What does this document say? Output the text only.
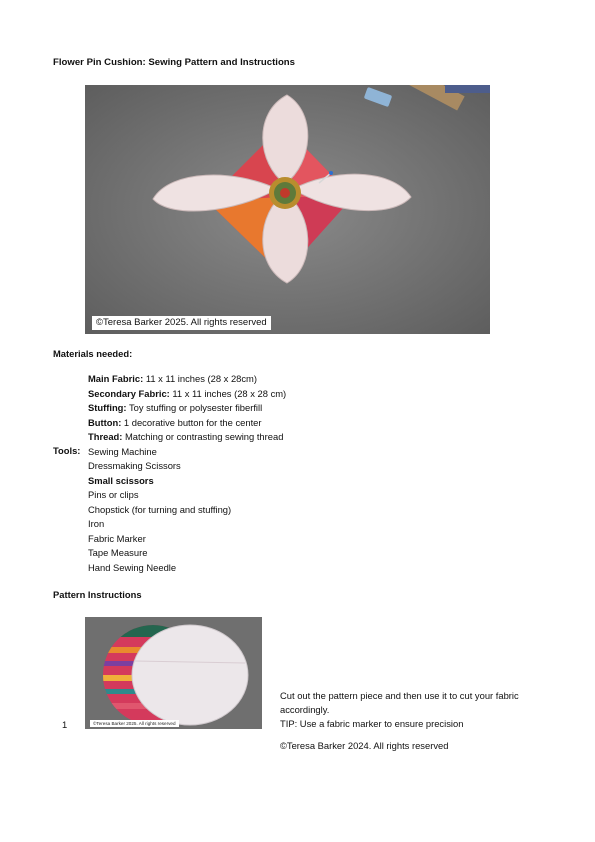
Flower Pin Cushion: Sewing Pattern and Instructions
©Teresa Barker 2025. All rights reserved
Materials needed:
Main Fabric: 11 x 11 inches (28 x 28cm)
Secondary Fabric: 11 x 11 inches (28 x 28 cm)
Stuffing: Toy stuffing or polysester fiberfill
Button: 1 decorative button for the center
Thread: Matching or contrasting sewing thread
Tools: Sewing Machine
Dressmaking Scissors
Small scissors
Pins or clips
Chopstick (for turning and stuffing)
Iron
Fabric Marker
Tape Measure
Hand Sewing Needle
Pattern Instructions
©Teresa Barker 2025. All rights reserved
1
Cut out the pattern piece and then use it to cut your fabric accordingly.
TIP: Use a fabric marker to ensure precision
©Teresa Barker 2024. All rights reserved
